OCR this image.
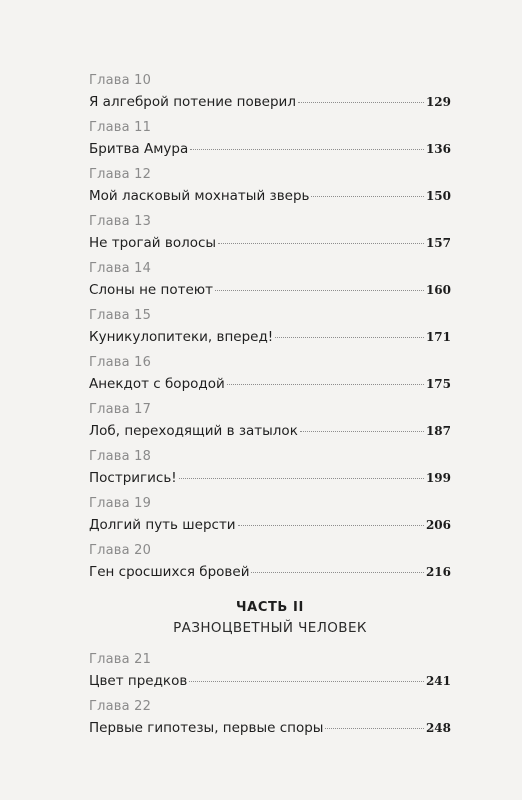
Глава 10
Я алгеброй потение поверил	129
Глава 11
Бритва Амура	136
Глава 12
Мой ласковый мохнатый зверь	150
Глава 13
Не трогай волосы	157
Глава 14
Слоны не потеют	160
Глава 15
Куникулопитеки, вперед!	171
Глава 16
Анекдот с бородой	175
Глава 17
Лоб, переходящий в затылок	187
Глава 18
Постригись!	199
Глава 19
Долгий путь шерсти	206
Глава 20
Ген сросшихся бровей	216
ЧАСТЬ II
РАЗНОЦВЕТНЫЙ ЧЕЛОВЕК
Глава 21
Цвет предков	241
Глава 22
Первые гипотезы, первые споры	248
